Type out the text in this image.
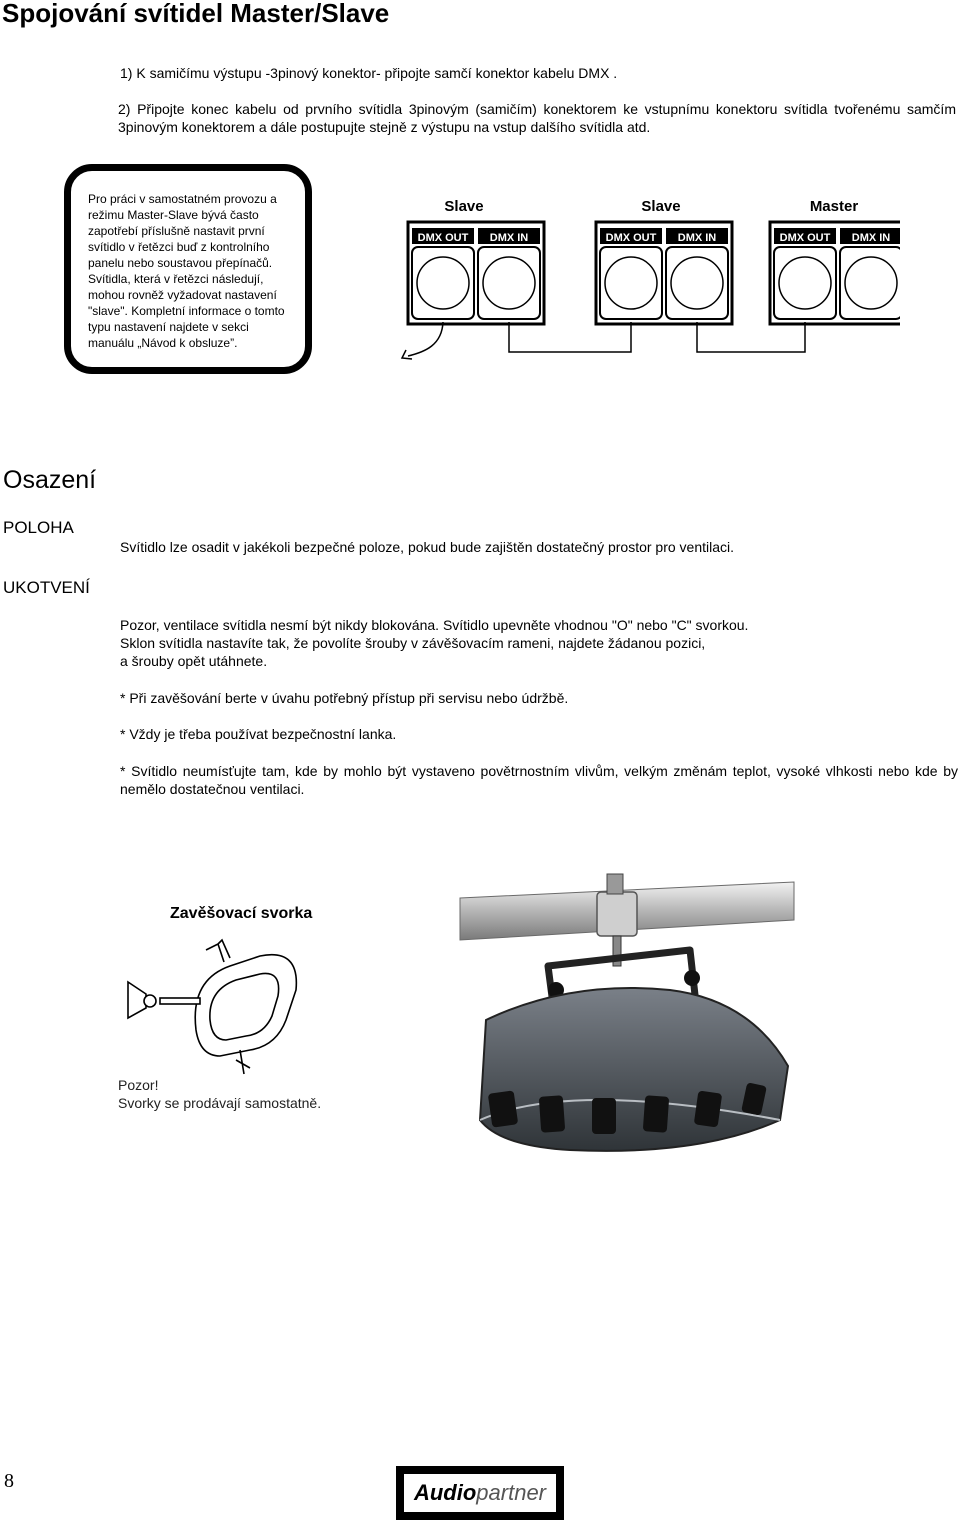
Spojování svítidel Master/Slave
1) K samičímu výstupu -3pinový konektor- připojte samčí konektor kabelu DMX .
2) Připojte konec kabelu od prvního svítidla 3pinovým (samičím) konektorem ke vstupnímu konektoru svítidla tvořenému samčím 3pinovým konektorem a dále postupujte stejně z výstupu na vstup dalšího svítidla atd.
Pro práci v samostatném provozu a režimu Master-Slave bývá často zapotřebí příslušně nastavit první svítidlo v řetězci buď z kontrolního panelu nebo soustavou přepínačů. Svítidla, která v řetězci následují, mohou rovněž vyžadovat nastavení "slave". Kompletní informace o tomto typu nastavení najdete v sekci manuálu „Návod k obsluze”.
Slave
DMX OUT DMX IN
Slave
DMX OUT DMX IN
Master
DMX OUT DMX IN
Osazení
POLOHA
Svítidlo lze osadit v jakékoli bezpečné poloze, pokud bude zajištěn dostatečný prostor pro ventilaci.
UKOTVENÍ
Pozor, ventilace svítidla nesmí být nikdy blokována. Svítidlo upevněte vhodnou "O" nebo "C" svorkou.
Sklon svítidla nastavíte tak, že povolíte šrouby v závěšovacím rameni, najdete žádanou pozici,
a šrouby opět utáhnete.
* Při zavěšování berte v úvahu potřebný přístup při servisu nebo údržbě.
* Vždy je třeba používat bezpečnostní lanka.
* Svítidlo neumísťujte tam, kde by mohlo být vystaveno povětrnostním vlivům, velkým změnám teplot, vysoké vlhkosti nebo kde by nemělo dostatečnou ventilaci.
Zavěšovací svorka
Pozor!
Svorky se prodávají samostatně.
8	Audio partner
